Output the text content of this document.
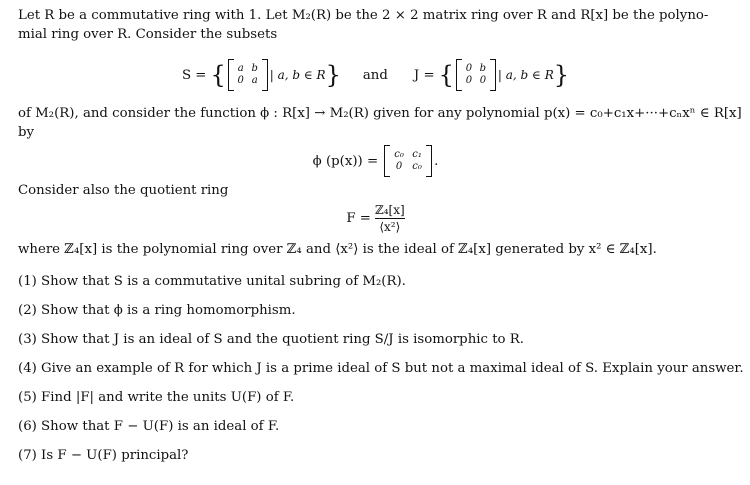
Let R be a commutative ring with 1. Let M₂(R) be the 2 × 2 matrix ring over R and R[x] be the polyno-

mial ring over R. Consider the subsets

S = {	a b
0 a	| a, b ∈ R } and J = {	0 b
0 0 | a, b ∈ R }

of M₂(R), and consider the function ϕ : R[x] → M₂(R) given for any polynomial p(x) = c₀+c₁x+···+cₙxⁿ ∈ R[x]

by

ϕ (p(x)) =	c₀ c₁
0	c₀ .

Consider also the quotient ring

$F = \frac{\text{ℤ₄[x]}}{\text{⟨x²⟩}}$

where ℤ₄[x] is the polynomial ring over ℤ₄ and ⟨x²⟩ is the ideal of ℤ₄[x] generated by x² ∈ ℤ₄[x].

(1) Show that S is a commutative unital subring of M₂(R).

(2) Show that ϕ is a ring homomorphism.

(3) Show that J is an ideal of S and the quotient ring S/J is isomorphic to R.

(4) Give an example of R for which J is a prime ideal of S but not a maximal ideal of S. Explain your answer.

(5) Find |F| and write the units U(F) of F.

(6) Show that F − U(F) is an ideal of F.

(7) Is F − U(F) principal?
